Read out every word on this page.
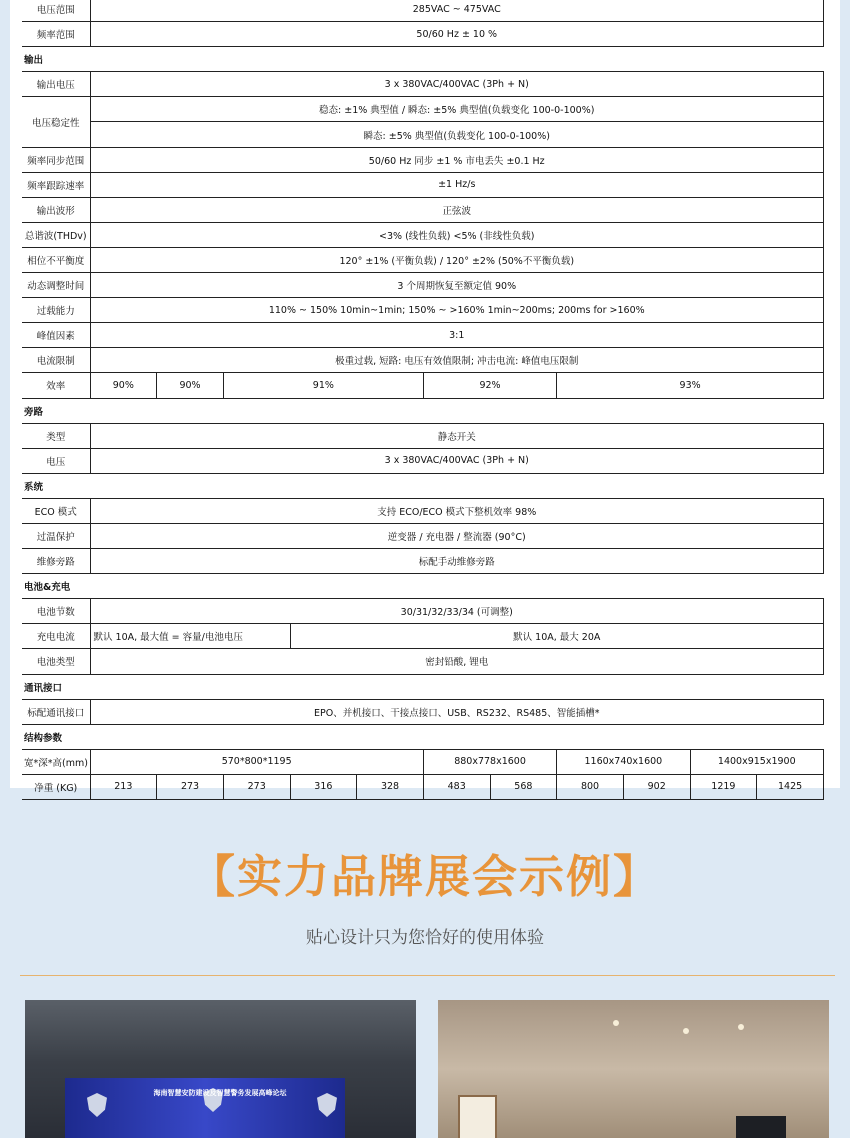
电压范围	285VAC ~ 475VAC										
频率范围	50/60 Hz ± 10 %										
输出											
输出电压	3 x 380VAC/400VAC (3Ph + N)										
电压稳定性	稳态: ±1% 典型值 / 瞬态: ±5% 典型值(负载变化 100-0-100%)										
	瞬态: ±5% 典型值(负载变化 100-0-100%)										
频率同步范围	50/60 Hz 同步 ±1 % 市电丢失 ±0.1 Hz										
频率跟踪速率	±1 Hz/s										
输出波形	正弦波										
总谐波(THDv)	<3% (线性负载) <5% (非线性负载)										
相位不平衡度	120° ±1% (平衡负载) / 120° ±2% (50%不平衡负载)										
动态调整时间	3 个周期恢复至额定值 90%										
过载能力	110% ~ 150% 10min~1min; 150% ~ >160% 1min~200ms; 200ms for >160%										
峰值因素	3:1										
电流限制	极重过载, 短路: 电压有效值限制; 冲击电流: 峰值电压限制										
效率	90%	90%	91%			92%		93%			
旁路											
类型	静态开关										
电压	3 x 380VAC/400VAC (3Ph + N)										
系统											
ECO 模式	支持 ECO/ECO 模式下整机效率 98%										
过温保护	逆变器 / 充电器 / 整流器 (90°C)										
维修旁路	标配手动维修旁路										
电池&充电											
电池节数	30/31/32/33/34 (可调整)										
充电电流	默认 10A, 最大值 = 容量/电池电压			默认 10A, 最大 20A							
电池类型	密封铅酸, 锂电										
通讯接口											
标配通讯接口	EPO、并机接口、干接点接口、USB、RS232、RS485、智能插槽*										
结构参数											
宽*深*高(mm)	570*800*1195					880x778x1600		1160x740x1600		1400x915x1900	
净重 (KG)	213	273	273	316	328	483	568	800	902	1219	1425
【实力品牌展会示例】
贴心设计只为您恰好的使用体验
海南智慧安防建设及智慧警务发展高峰论坛
